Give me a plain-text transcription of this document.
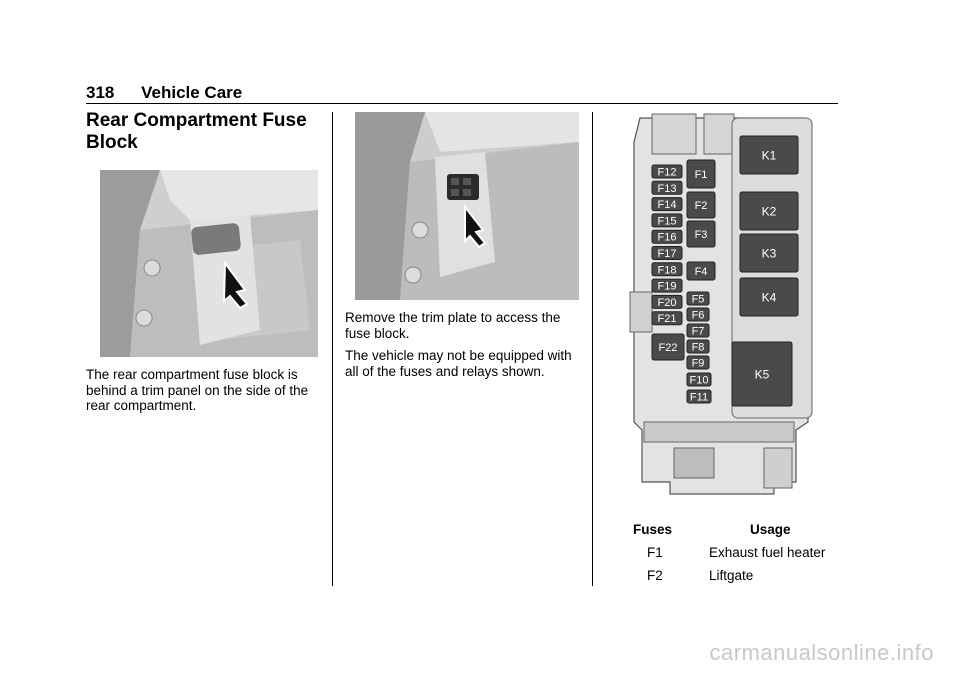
318 Vehicle Care
Rear Compartment Fuse Block
The rear compartment fuse block is behind a trim panel on the side of the rear compartment.
Remove the trim plate to access the fuse block.
The vehicle may not be equipped with all of the fuses and relays shown.
F12
F13
F14
F15
F16
F17
F18
F19
F20
F21
F22
F1
F2
F3
F4
F5
F6
F7
F8
F9
F10
F11
K1
K2
K3
K4
K5
Fuses	Usage
F1	Exhaust fuel heater
F2	Liftgate
carmanualsonline.info
